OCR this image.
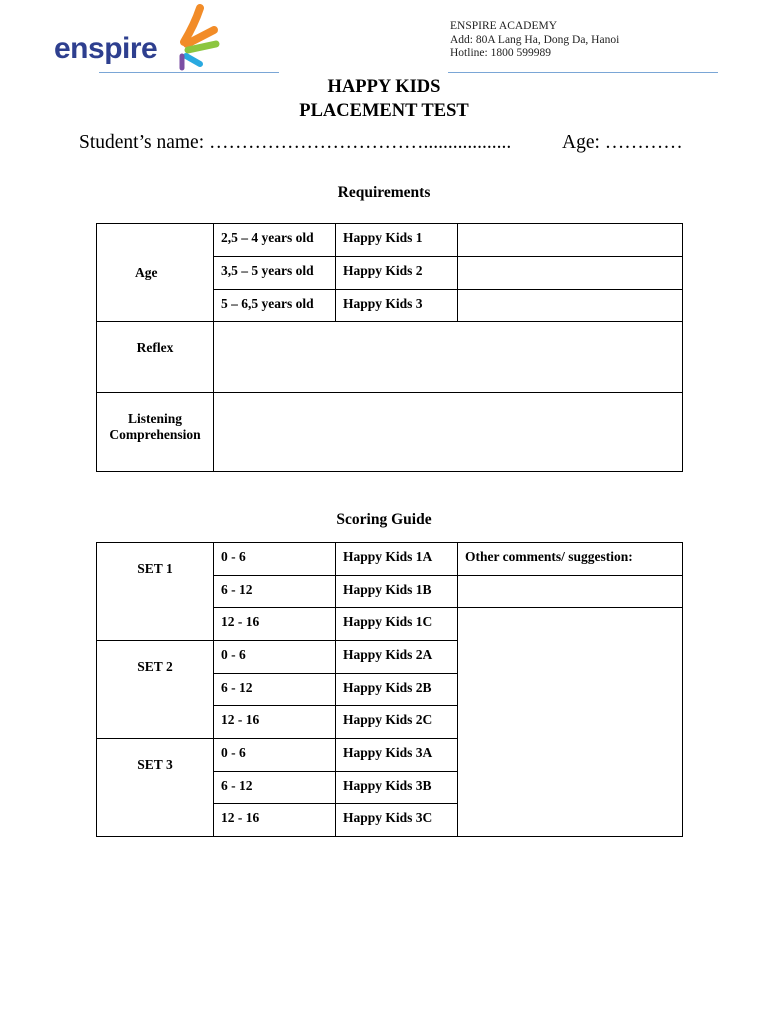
enspire
ENSPIRE ACADEMY
Add: 80A Lang Ha, Dong Da, Hanoi
Hotline: 1800 599989
HAPPY KIDS
PLACEMENT TEST
Student’s name: ……………………………..................	Age: …………
Requirements
Age	2,5 – 4 years old	Happy Kids 1	
	3,5 – 5 years old	Happy Kids 2	
	5 – 6,5 years old	Happy Kids 3	
Reflex			

Listening
Comprehension			

Scoring Guide
SET 1	0 - 6	Happy Kids 1A	Other comments/ suggestion:
	6 - 12	Happy Kids 1B	
	12 - 16	Happy Kids 1C	
SET 2	0 - 6	Happy Kids 2A	
	6 - 12	Happy Kids 2B	
	12 - 16	Happy Kids 2C	
SET 3	0 - 6	Happy Kids 3A	
	6 - 12	Happy Kids 3B	
	12 - 16	Happy Kids 3C	
